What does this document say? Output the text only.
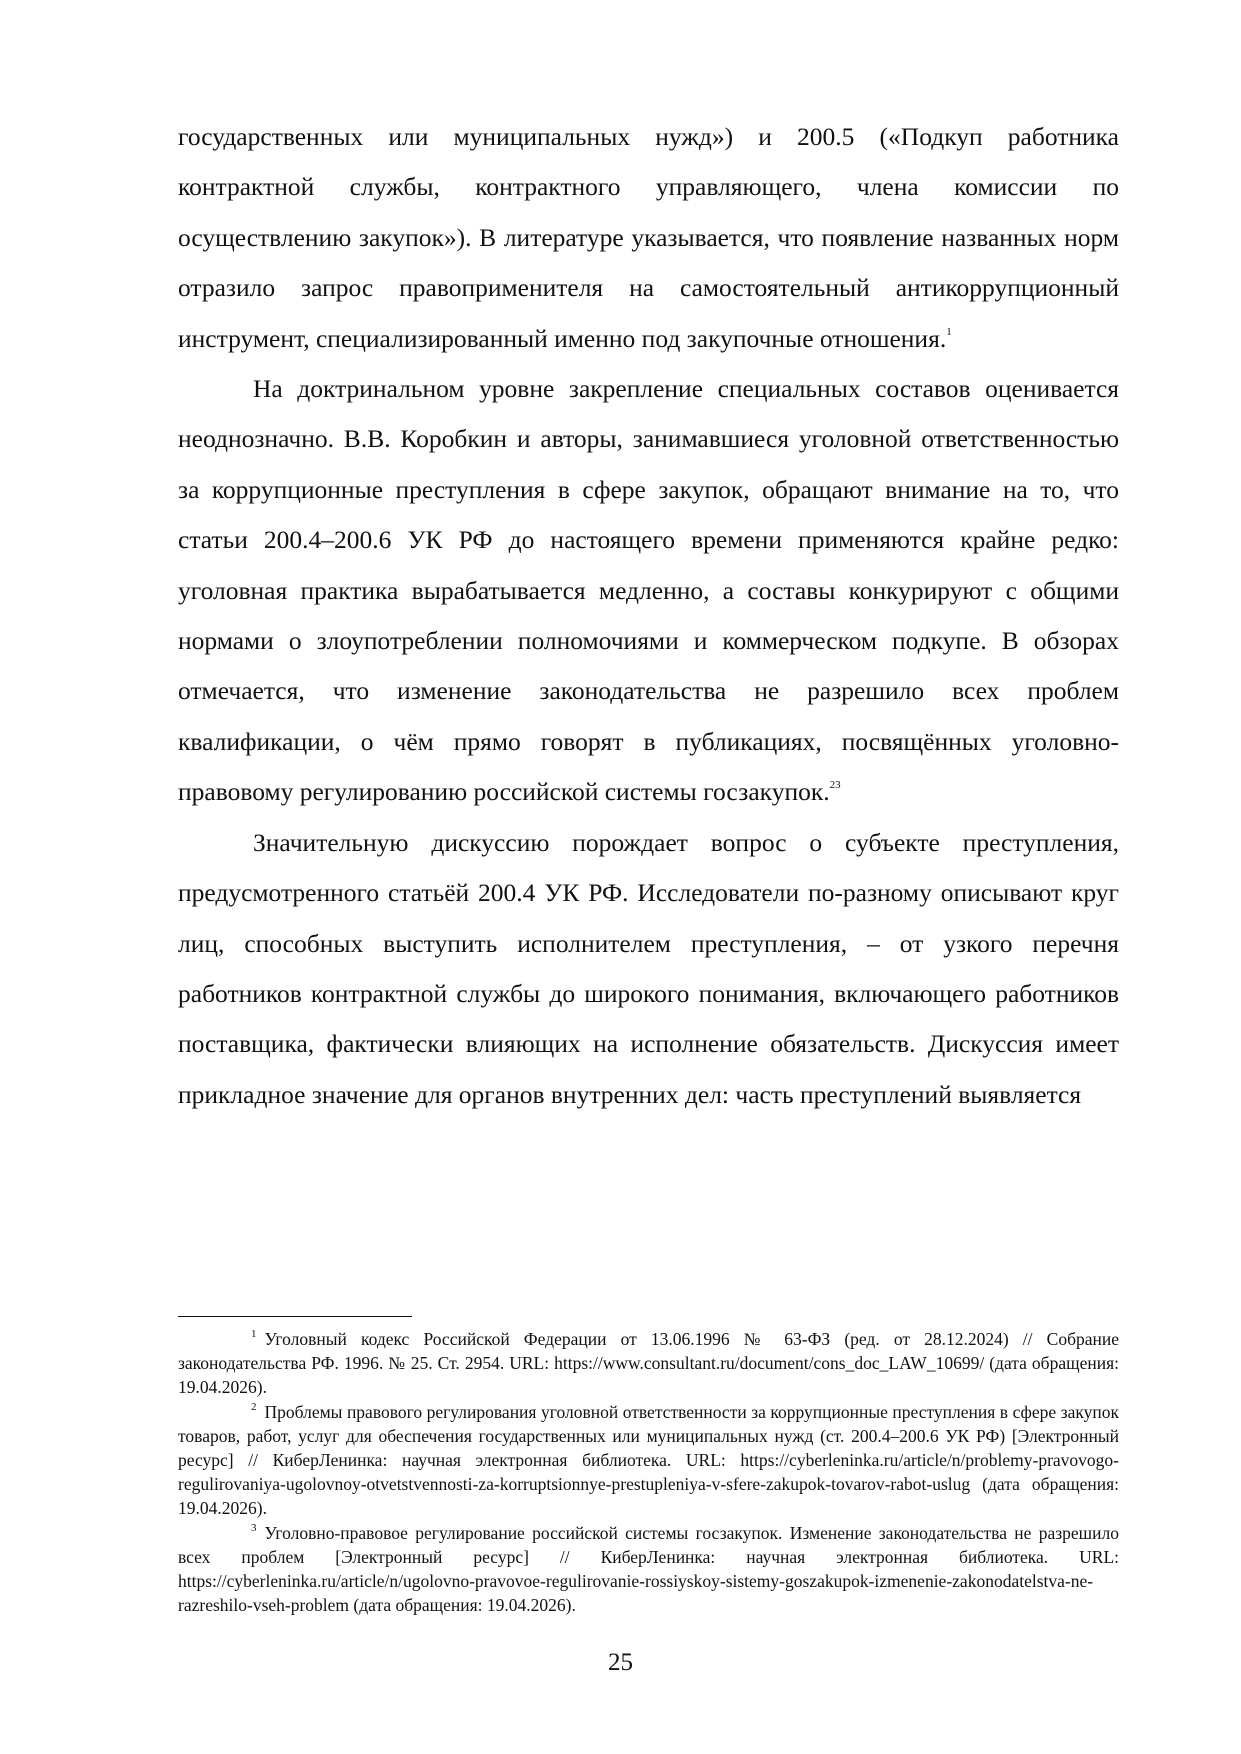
государственных или муниципальных нужд») и 200.5 («Подкуп работника контрактной службы, контрактного управляющего, члена комиссии по осуществлению закупок»). В литературе указывается, что появление названных норм отразило запрос правоприменителя на самостоятельный антикоррупционный инструмент, специализированный именно под закупочные отношения.$^1$

На доктринальном уровне закрепление специальных составов оценивается неоднозначно. В.В. Коробкин и авторы, занимавшиеся уголовной ответственностью за коррупционные преступления в сфере закупок, обращают внимание на то, что статьи 200.4–200.6 УК РФ до настоящего времени применяются крайне редко: уголовная практика вырабатывается медленно, а составы конкурируют с общими нормами о злоупотреблении полномочиями и коммерческом подкупе. В обзорах отмечается, что изменение законодательства не разрешило всех проблем квалификации, о чём прямо говорят в публикациях, посвящённых уголовно-правовому регулированию российской системы госзакупок.$^{23}$

Значительную дискуссию порождает вопрос о субъекте преступления, предусмотренного статьёй 200.4 УК РФ. Исследователи по-разному описывают круг лиц, способных выступить исполнителем преступления, – от узкого перечня работников контрактной службы до широкого понимания, включающего работников поставщика, фактически влияющих на исполнение обязательств. Дискуссия имеет прикладное значение для органов внутренних дел: часть преступлений выявляется

$^1$ Уголовный кодекс Российской Федерации от 13.06.1996 № 63-ФЗ (ред. от 28.12.2024) // Собрание законодательства РФ. 1996. № 25. Ст. 2954. URL: https://www.consultant.ru/document/cons_doc_LAW_10699/ (дата обращения: 19.04.2026).

$^2$ Проблемы правового регулирования уголовной ответственности за коррупционные преступления в сфере закупок товаров, работ, услуг для обеспечения государственных или муниципальных нужд (ст. 200.4–200.6 УК РФ) [Электронный ресурс] // КиберЛенинка: научная электронная библиотека. URL: https://cyberleninka.ru/article/n/problemy-pravovogo-regulirovaniya-ugolovnoy-otvetstvennosti-za-korruptsionnye-prestupleniya-v-sfere-zakupok-tovarov-rabot-uslug (дата обращения: 19.04.2026).

$^3$ Уголовно-правовое регулирование российской системы госзакупок. Изменение законодательства не разрешило всех проблем [Электронный ресурс] // КиберЛенинка: научная электронная библиотека. URL: https://cyberleninka.ru/article/n/ugolovno-pravovoe-regulirovanie-rossiyskoy-sistemy-goszakupok-izmenenie-zakonodatelstva-ne-razreshilo-vseh-problem (дата обращения: 19.04.2026).

25
